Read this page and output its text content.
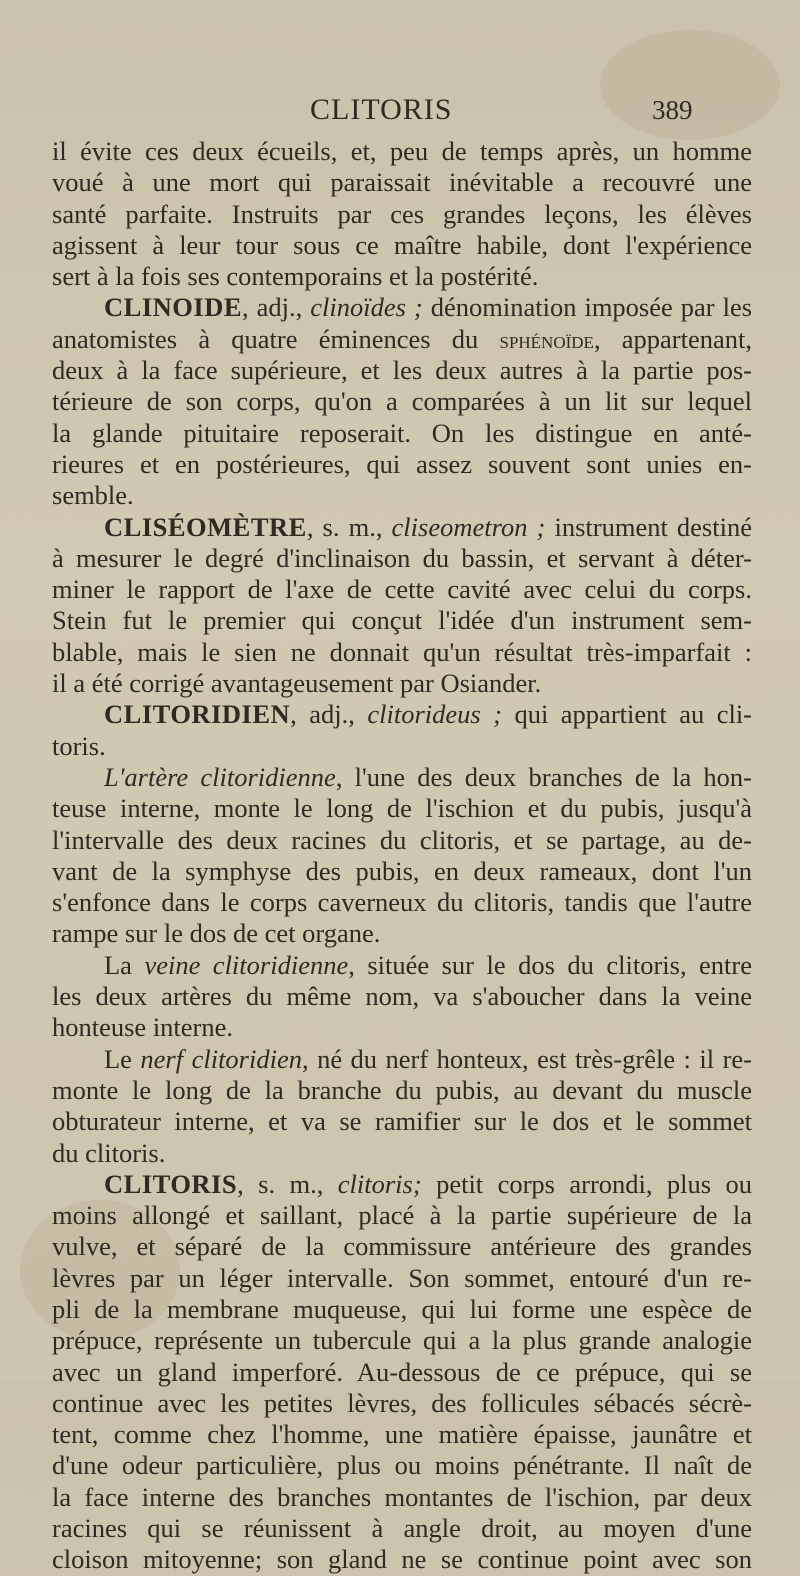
CLITORIS	389
il évite ces deux écueils, et, peu de temps après, un homme
voué à une mort qui paraissait inévitable a recouvré une
santé parfaite. Instruits par ces grandes leçons, les élèves
agissent à leur tour sous ce maître habile, dont l'expérience
sert à la fois ses contemporains et la postérité.
CLINOIDE, adj., clinoïdes ; dénomination imposée par les
anatomistes à quatre éminences du sphénoïde, appartenant,
deux à la face supérieure, et les deux autres à la partie pos-
térieure de son corps, qu'on a comparées à un lit sur lequel
la glande pituitaire reposerait. On les distingue en anté-
rieures et en postérieures, qui assez souvent sont unies en-
semble.
CLISÉOMÈTRE, s. m., cliseometron ; instrument destiné
à mesurer le degré d'inclinaison du bassin, et servant à déter-
miner le rapport de l'axe de cette cavité avec celui du corps.
Stein fut le premier qui conçut l'idée d'un instrument sem-
blable, mais le sien ne donnait qu'un résultat très-imparfait :
il a été corrigé avantageusement par Osiander.
CLITORIDIEN, adj., clitorideus ; qui appartient au cli-
toris.
L'artère clitoridienne, l'une des deux branches de la hon-
teuse interne, monte le long de l'ischion et du pubis, jusqu'à
l'intervalle des deux racines du clitoris, et se partage, au de-
vant de la symphyse des pubis, en deux rameaux, dont l'un
s'enfonce dans le corps caverneux du clitoris, tandis que l'autre
rampe sur le dos de cet organe.
La veine clitoridienne, située sur le dos du clitoris, entre
les deux artères du même nom, va s'aboucher dans la veine
honteuse interne.
Le nerf clitoridien, né du nerf honteux, est très-grêle : il re-
monte le long de la branche du pubis, au devant du muscle
obturateur interne, et va se ramifier sur le dos et le sommet
du clitoris.
CLITORIS, s. m., clitoris; petit corps arrondi, plus ou
moins allongé et saillant, placé à la partie supérieure de la
vulve, et séparé de la commissure antérieure des grandes
lèvres par un léger intervalle. Son sommet, entouré d'un re-
pli de la membrane muqueuse, qui lui forme une espèce de
prépuce, représente un tubercule qui a la plus grande analogie
avec un gland imperforé. Au-dessous de ce prépuce, qui se
continue avec les petites lèvres, des follicules sébacés sécrè-
tent, comme chez l'homme, une matière épaisse, jaunâtre et
d'une odeur particulière, plus ou moins pénétrante. Il naît de
la face interne des branches montantes de l'ischion, par deux
racines qui se réunissent à angle droit, au moyen d'une
cloison mitoyenne; son gland ne se continue point avec son
